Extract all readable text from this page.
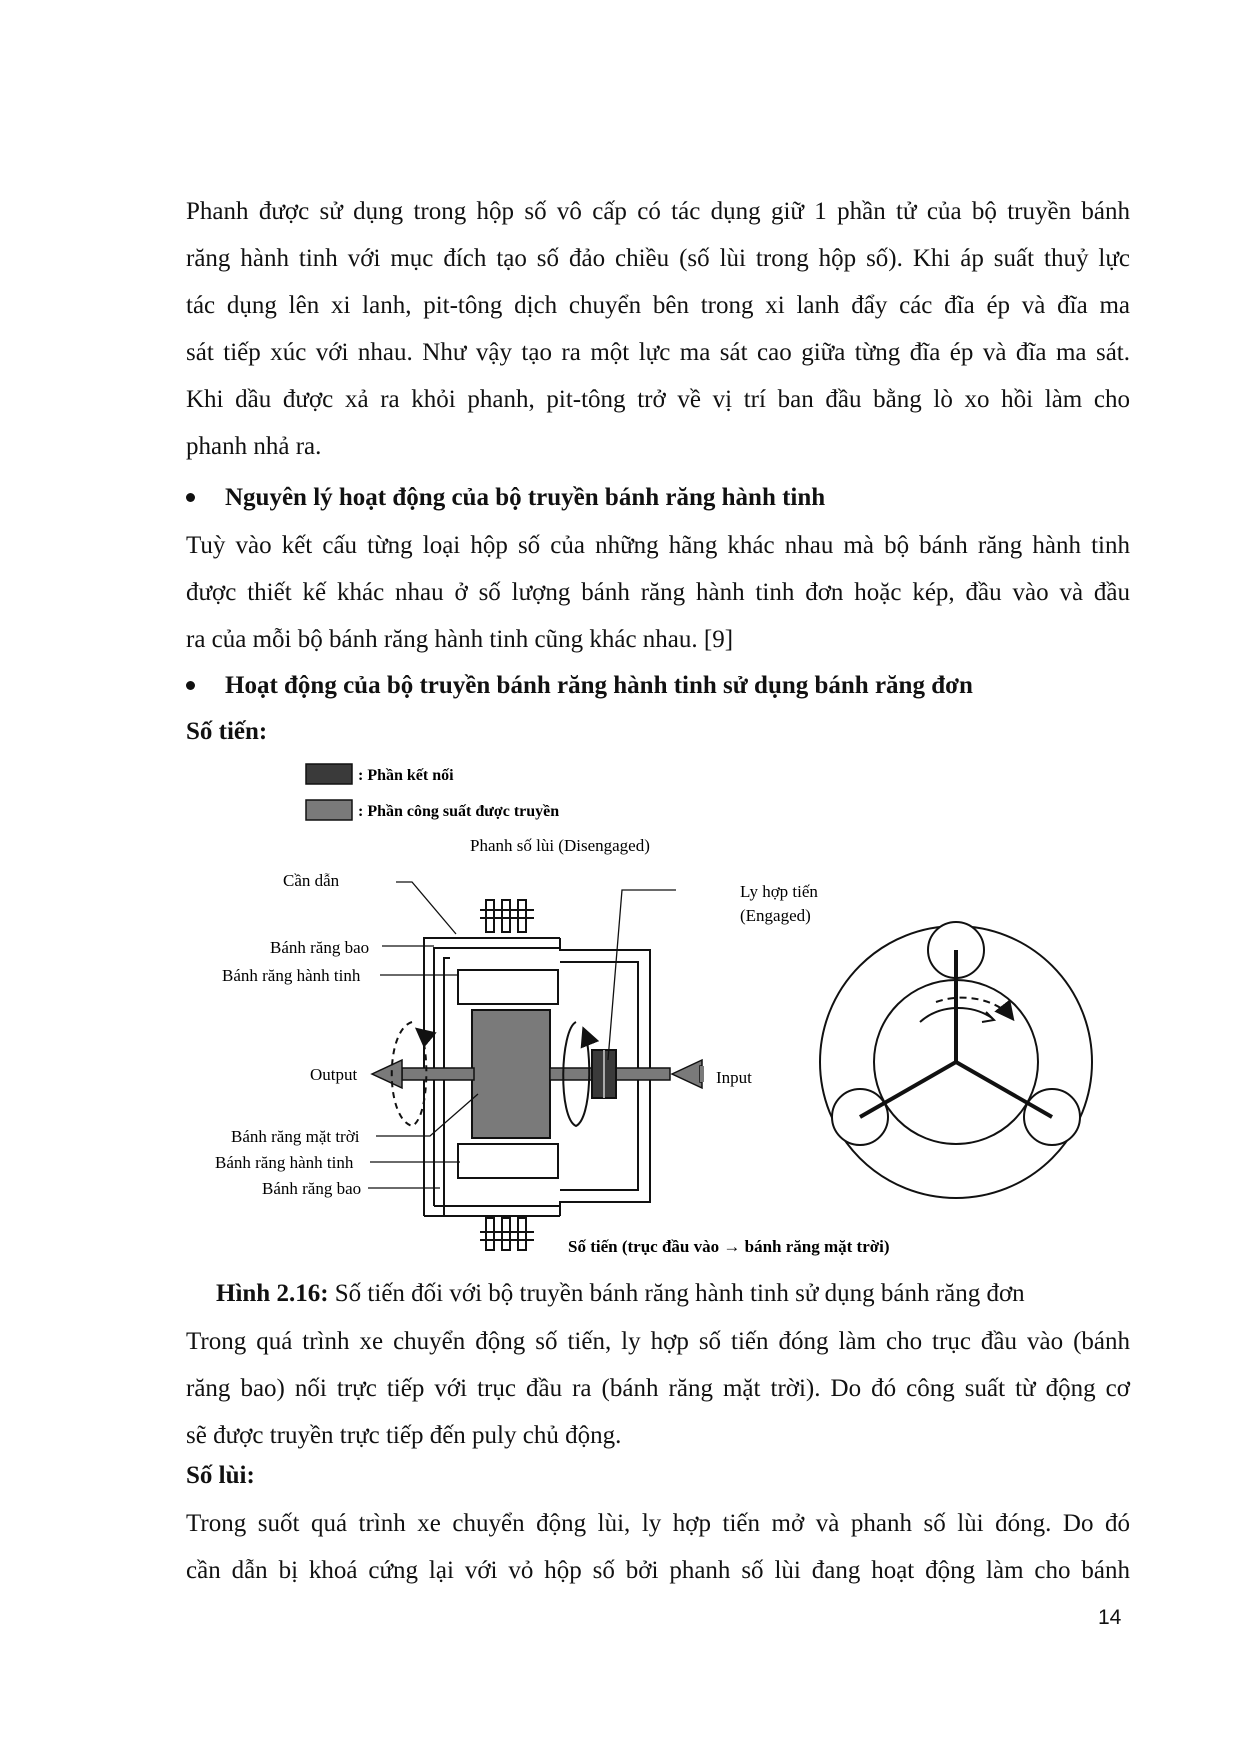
Phanh được sử dụng trong hộp số vô cấp có tác dụng giữ 1 phần tử của bộ truyền bánh
răng hành tinh với mục đích tạo số đảo chiều (số lùi trong hộp số). Khi áp suất thuỷ lực
tác dụng lên xi lanh, pit-tông dịch chuyển bên trong xi lanh đẩy các đĩa ép và đĩa ma
sát tiếp xúc với nhau. Như vậy tạo ra một lực ma sát cao giữa từng đĩa ép và đĩa ma sát.
Khi dầu được xả ra khỏi phanh, pit-tông trở về vị trí ban đầu bằng lò xo hồi làm cho
phanh nhả ra.
Nguyên lý hoạt động của bộ truyền bánh răng hành tinh
Tuỳ vào kết cấu từng loại hộp số của những hãng khác nhau mà bộ bánh răng hành tinh
được thiết kế khác nhau ở số lượng bánh răng hành tinh đơn hoặc kép, đầu vào và đầu
ra của mỗi bộ bánh răng hành tinh cũng khác nhau. [9]
Hoạt động của bộ truyền bánh răng hành tinh sử dụng bánh răng đơn
Số tiến:
: Phần kết nối
: Phần công suất được truyền
Phanh số lùi (Disengaged)
Cần dẫn
Ly hợp tiến
(Engaged)
Bánh răng bao
Bánh răng hành tinh
Output	Input
Bánh răng mặt trời
Bánh răng hành tinh
Bánh răng bao
Số tiến (trục đầu vào → bánh răng mặt trời)
Hình 2.16: Số tiến đối với bộ truyền bánh răng hành tinh sử dụng bánh răng đơn
Trong quá trình xe chuyển động số tiến, ly hợp số tiến đóng làm cho trục đầu vào (bánh
răng bao) nối trực tiếp với trục đầu ra (bánh răng mặt trời). Do đó công suất từ động cơ
sẽ được truyền trực tiếp đến puly chủ động.
Số lùi:
Trong suốt quá trình xe chuyển động lùi, ly hợp tiến mở và phanh số lùi đóng. Do đó
cần dẫn bị khoá cứng lại với vỏ hộp số bởi phanh số lùi đang hoạt động làm cho bánh
14
